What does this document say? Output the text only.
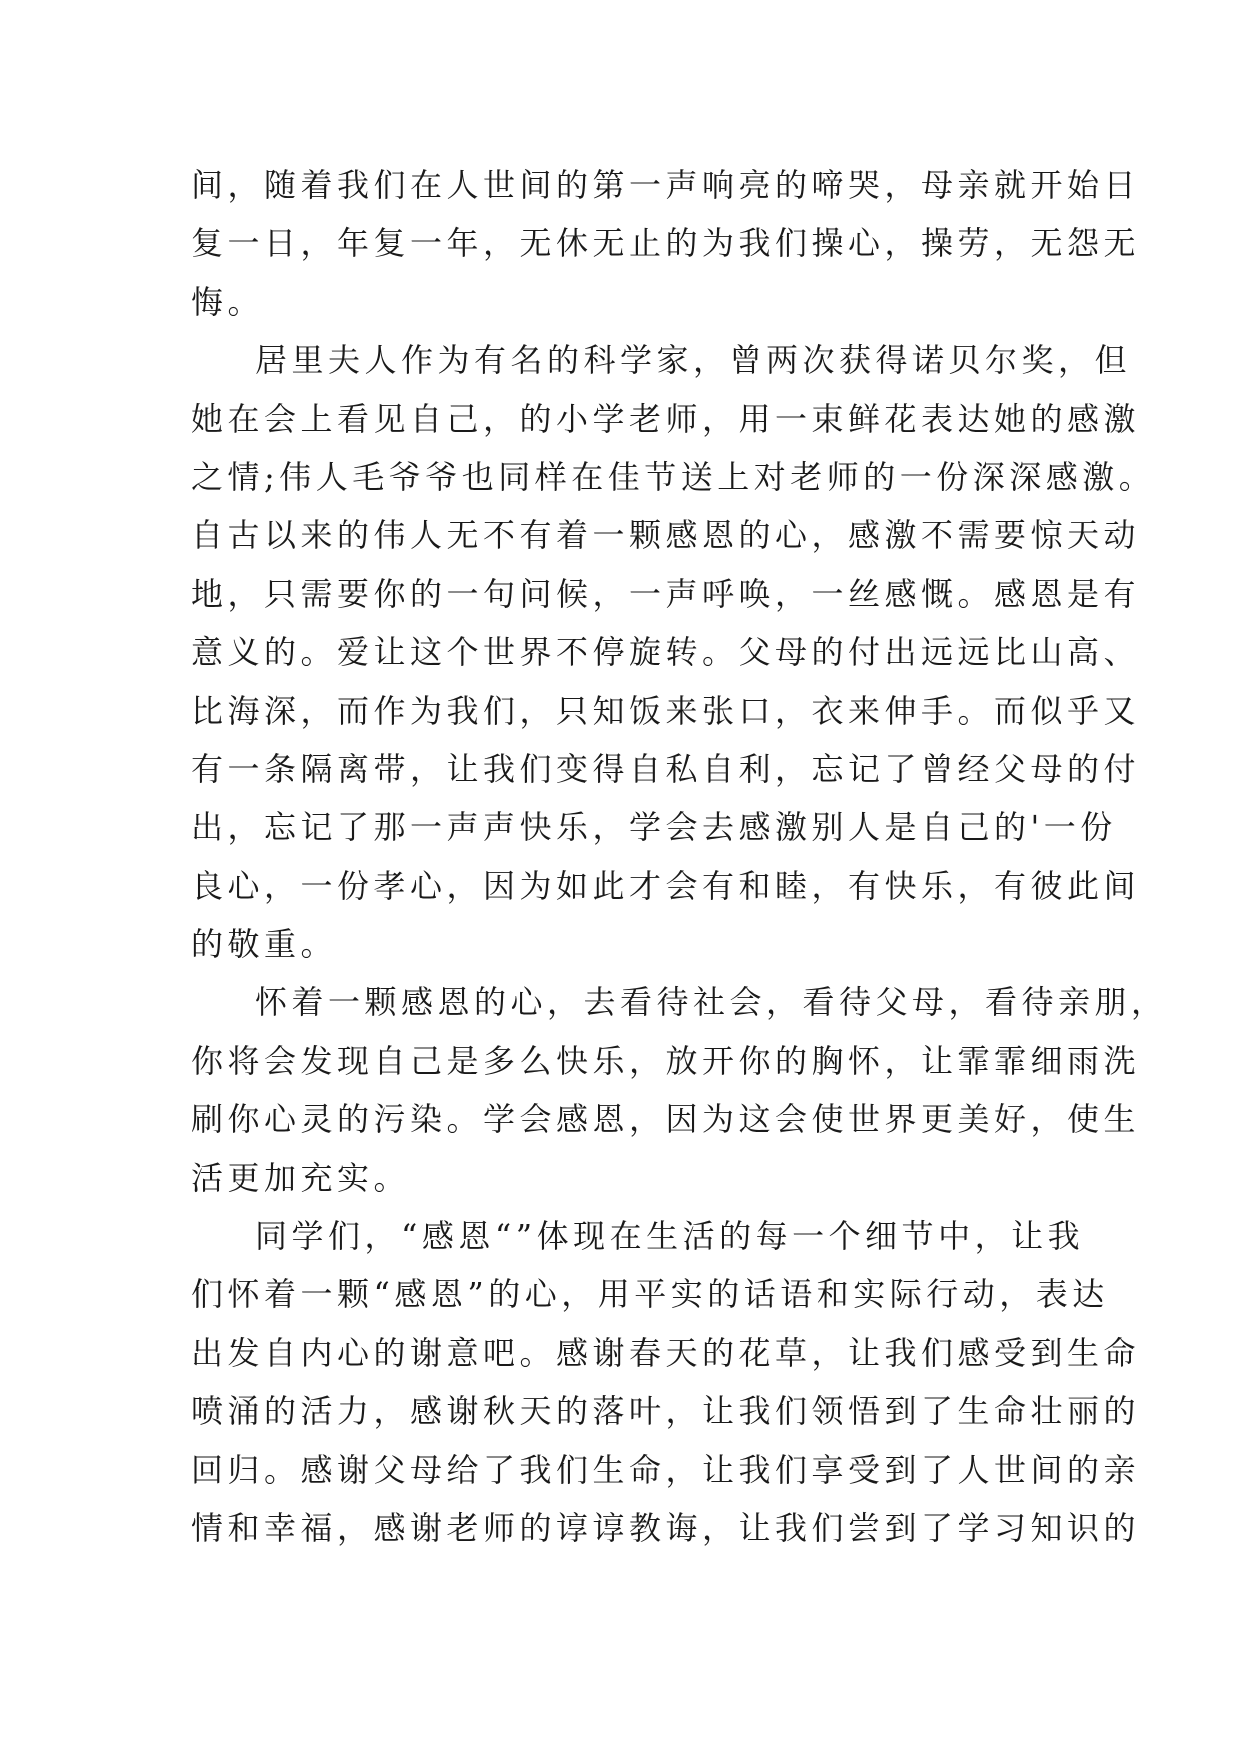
间，随着我们在人世间的第一声响亮的啼哭，母亲就开始日
复一日，年复一年，无休无止的为我们操心，操劳，无怨无
悔。
居里夫人作为有名的科学家，曾两次获得诺贝尔奖，但
她在会上看见自己，的小学老师，用一束鲜花表达她的感激
之情;伟人毛爷爷也同样在佳节送上对老师的一份深深感激。
自古以来的伟人无不有着一颗感恩的心，感激不需要惊天动
地，只需要你的一句问候，一声呼唤，一丝感慨。感恩是有
意义的。爱让这个世界不停旋转。父母的付出远远比山高、
比海深，而作为我们，只知饭来张口，衣来伸手。而似乎又
有一条隔离带，让我们变得自私自利，忘记了曾经父母的付
出，忘记了那一声声快乐，学会去感激别人是自己的'一份
良心，一份孝心，因为如此才会有和睦，有快乐，有彼此间
的敬重。
怀着一颗感恩的心，去看待社会，看待父母，看待亲朋，
你将会发现自己是多么快乐，放开你的胸怀，让霏霏细雨洗
刷你心灵的污染。学会感恩，因为这会使世界更美好，使生
活更加充实。
同学们，“感恩“”体现在生活的每一个细节中，让我
们怀着一颗“感恩”的心，用平实的话语和实际行动，表达
出发自内心的谢意吧。感谢春天的花草，让我们感受到生命
喷涌的活力，感谢秋天的落叶，让我们领悟到了生命壮丽的
回归。感谢父母给了我们生命，让我们享受到了人世间的亲
情和幸福，感谢老师的谆谆教诲，让我们尝到了学习知识的
